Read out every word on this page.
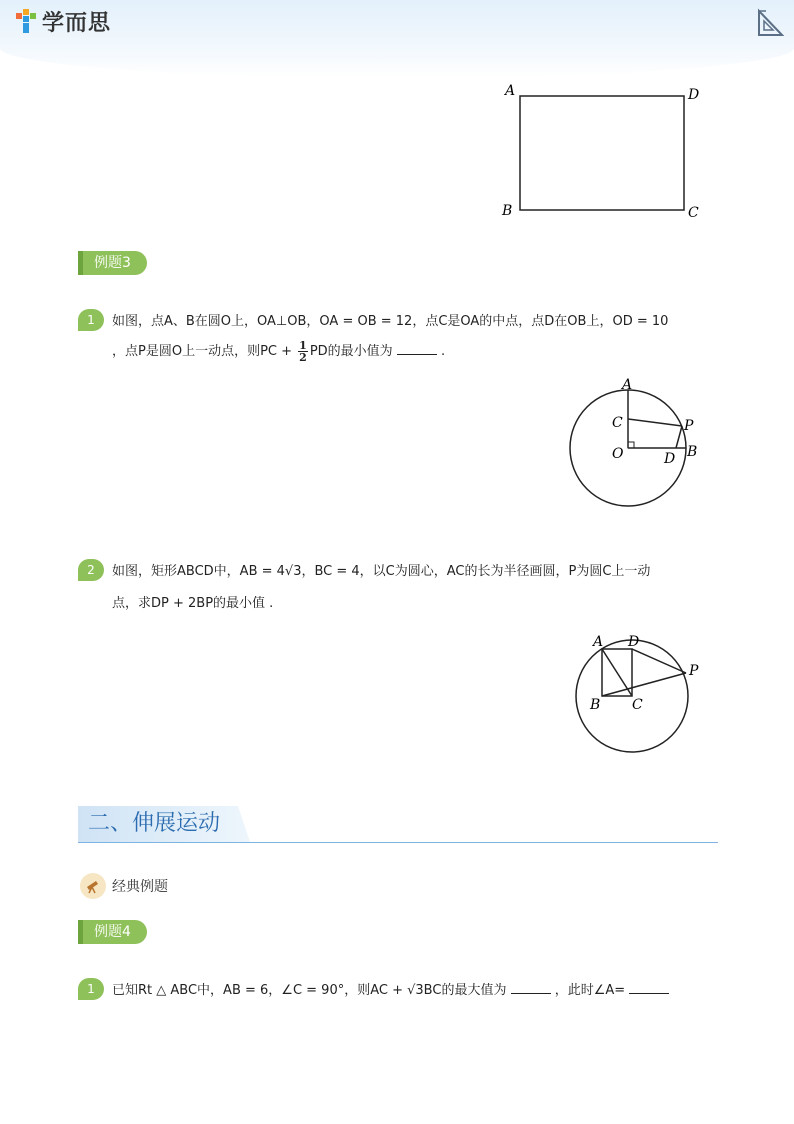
学而思
A	D
B	C
例题3
1	如图，点A、B在圆O上，OA⊥OB，OA = OB = 12，点C是OA的中点，点D在OB上，OD = 10
，点P是圆O上一动点，则PC + $\frac{1}{2}$ PD的最小值为	.
A
C	P
O	D B
2	如图，矩形ABCD中，AB = 4√3，BC = 4，以C为圆心，AC的长为半径画圆，P为圆C上一动
点，求DP + 2BP的最小值 .
A D
P
B C
二、伸展运动
经典例题
例题4
1	已知Rt △ ABC中，AB = 6，∠C = 90°，则AC + √3BC的最大值为	，此时∠A=
